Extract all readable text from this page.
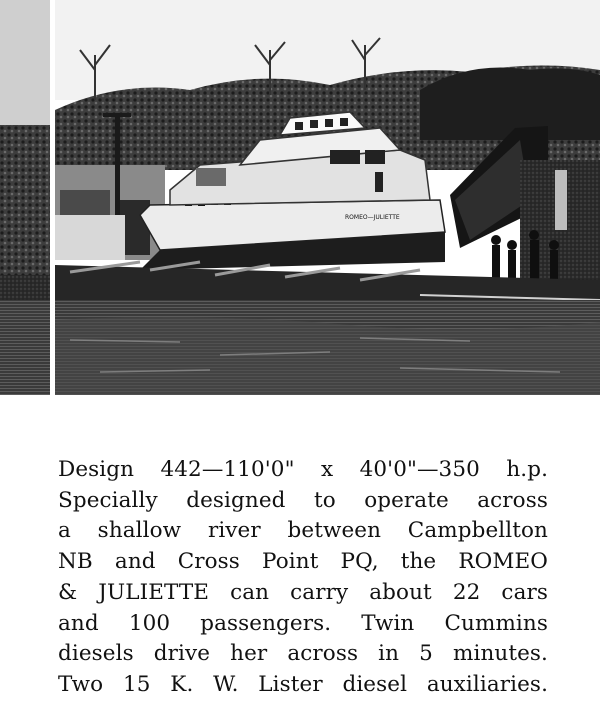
ROMEO—JULIETTE
Design 442—110'0" x 40'0"—350 h.p.
Specially designed to operate across
a shallow river between Campbellton
NB and Cross Point PQ, the ROMEO
& JULIETTE can carry about 22 cars
and 100 passengers. Twin Cummins
diesels drive her across in 5 minutes.
Two 15 K. W. Lister diesel auxiliaries.
